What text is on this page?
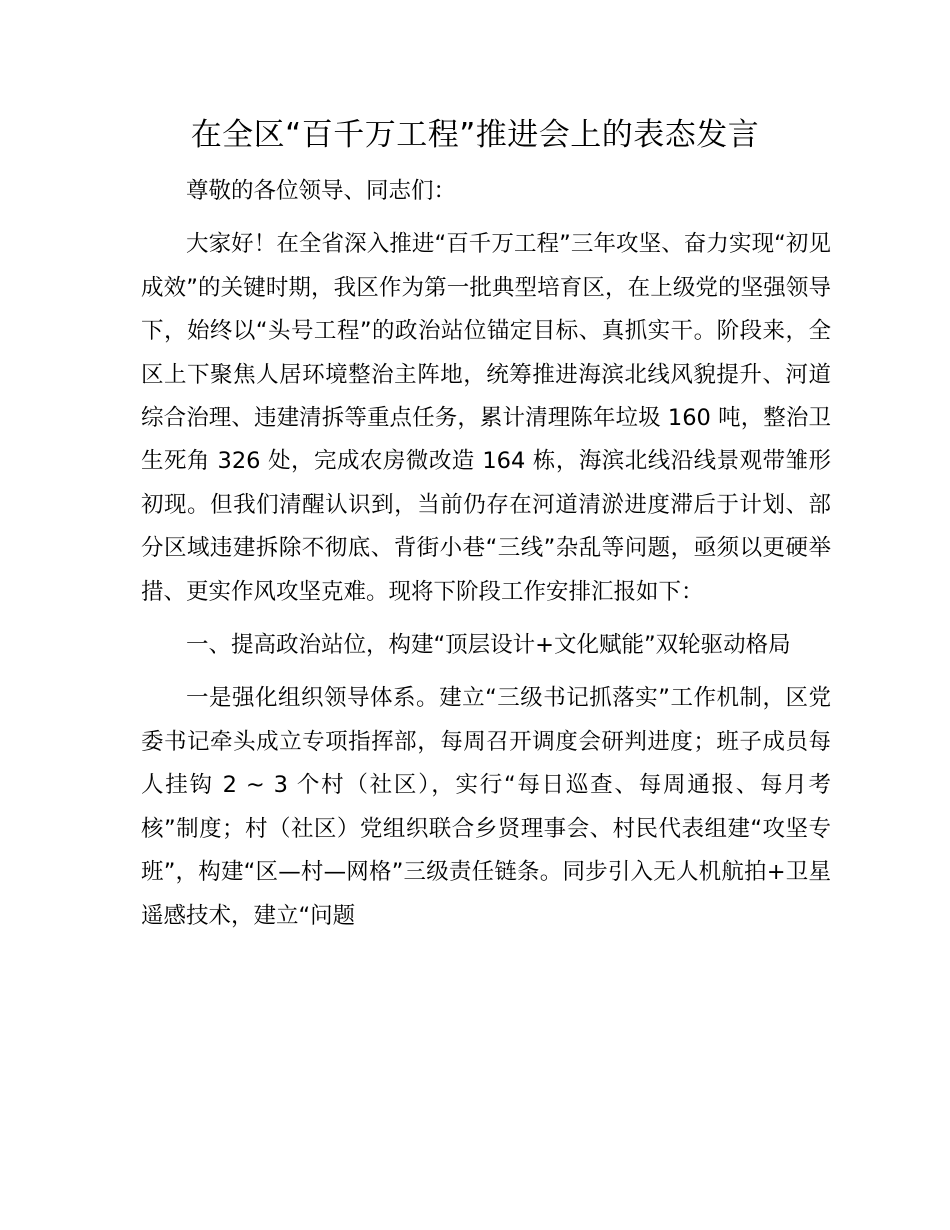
在全区“百千万工程”推进会上的表态发言

尊敬的各位领导、同志们：

大家好！在全省深入推进“百千万工程”三年攻坚、奋力实现“初见成效”的关键时期，我区作为第一批典型培育区，在上级党的坚强领导下，始终以“头号工程”的政治站位锚定目标、真抓实干。阶段来，全区上下聚焦人居环境整治主阵地，统筹推进海滨北线风貌提升、河道综合治理、违建清拆等重点任务，累计清理陈年垃圾 160 吨，整治卫生死角 326 处，完成农房微改造 164 栋，海滨北线沿线景观带雏形初现。但我们清醒认识到，当前仍存在河道清淤进度滞后于计划、部分区域违建拆除不彻底、背街小巷“三线”杂乱等问题，亟须以更硬举措、更实作风攻坚克难。现将下阶段工作安排汇报如下：

一、提高政治站位，构建“顶层设计+文化赋能”双轮驱动格局

一是强化组织领导体系。建立“三级书记抓落实”工作机制，区党委书记牵头成立专项指挥部，每周召开调度会研判进度；班子成员每人挂钩 2 ~ 3 个村（社区），实行“每日巡查、每周通报、每月考核”制度；村（社区）党组织联合乡贤理事会、村民代表组建“攻坚专班”，构建“区—村—网格”三级责任链条。同步引入无人机航拍+卫星遥感技术，建立“问题
